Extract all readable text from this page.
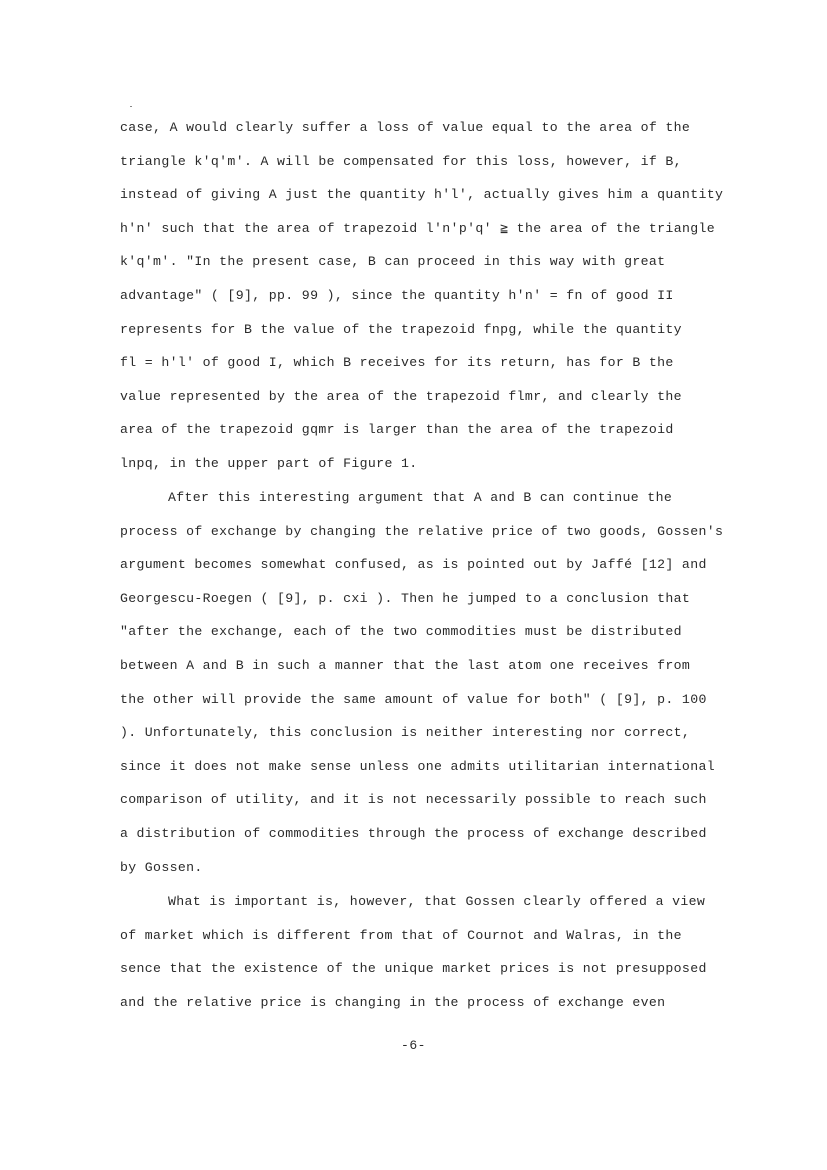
case, A would clearly suffer a loss of value equal to the area of the
triangle k'q'm'. A will be compensated for this loss, however, if B,
instead of giving A just the quantity h'l', actually gives him a quantity
h'n' such that the area of trapezoid l'n'p'q' ≧ the area of the triangle
k'q'm'. "In the present case, B can proceed in this way with great
advantage" ( [9], pp. 99 ), since the quantity h'n' = fn of good II
represents for B the value of the trapezoid fnpg, while the quantity
fl = h'l' of good I, which B receives for its return, has for B the
value represented by the area of the trapezoid flmr, and clearly the
area of the trapezoid gqmr is larger than the area of the trapezoid
lnpq, in the upper part of Figure 1.
After this interesting argument that A and B can continue the
process of exchange by changing the relative price of two goods, Gossen's
argument becomes somewhat confused, as is pointed out by Jaffé [12] and
Georgescu-Roegen ( [9], p. cxi ). Then he jumped to a conclusion that
"after the exchange, each of the two commodities must be distributed
between A and B in such a manner that the last atom one receives from
the other will provide the same amount of value for both" ( [9], p. 100
). Unfortunately, this conclusion is neither interesting nor correct,
since it does not make sense unless one admits utilitarian international
comparison of utility, and it is not necessarily possible to reach such
a distribution of commodities through the process of exchange described
by Gossen.
What is important is, however, that Gossen clearly offered a view
of market which is different from that of Cournot and Walras, in the
sence that the existence of the unique market prices is not presupposed
and the relative price is changing in the process of exchange even
-6-
